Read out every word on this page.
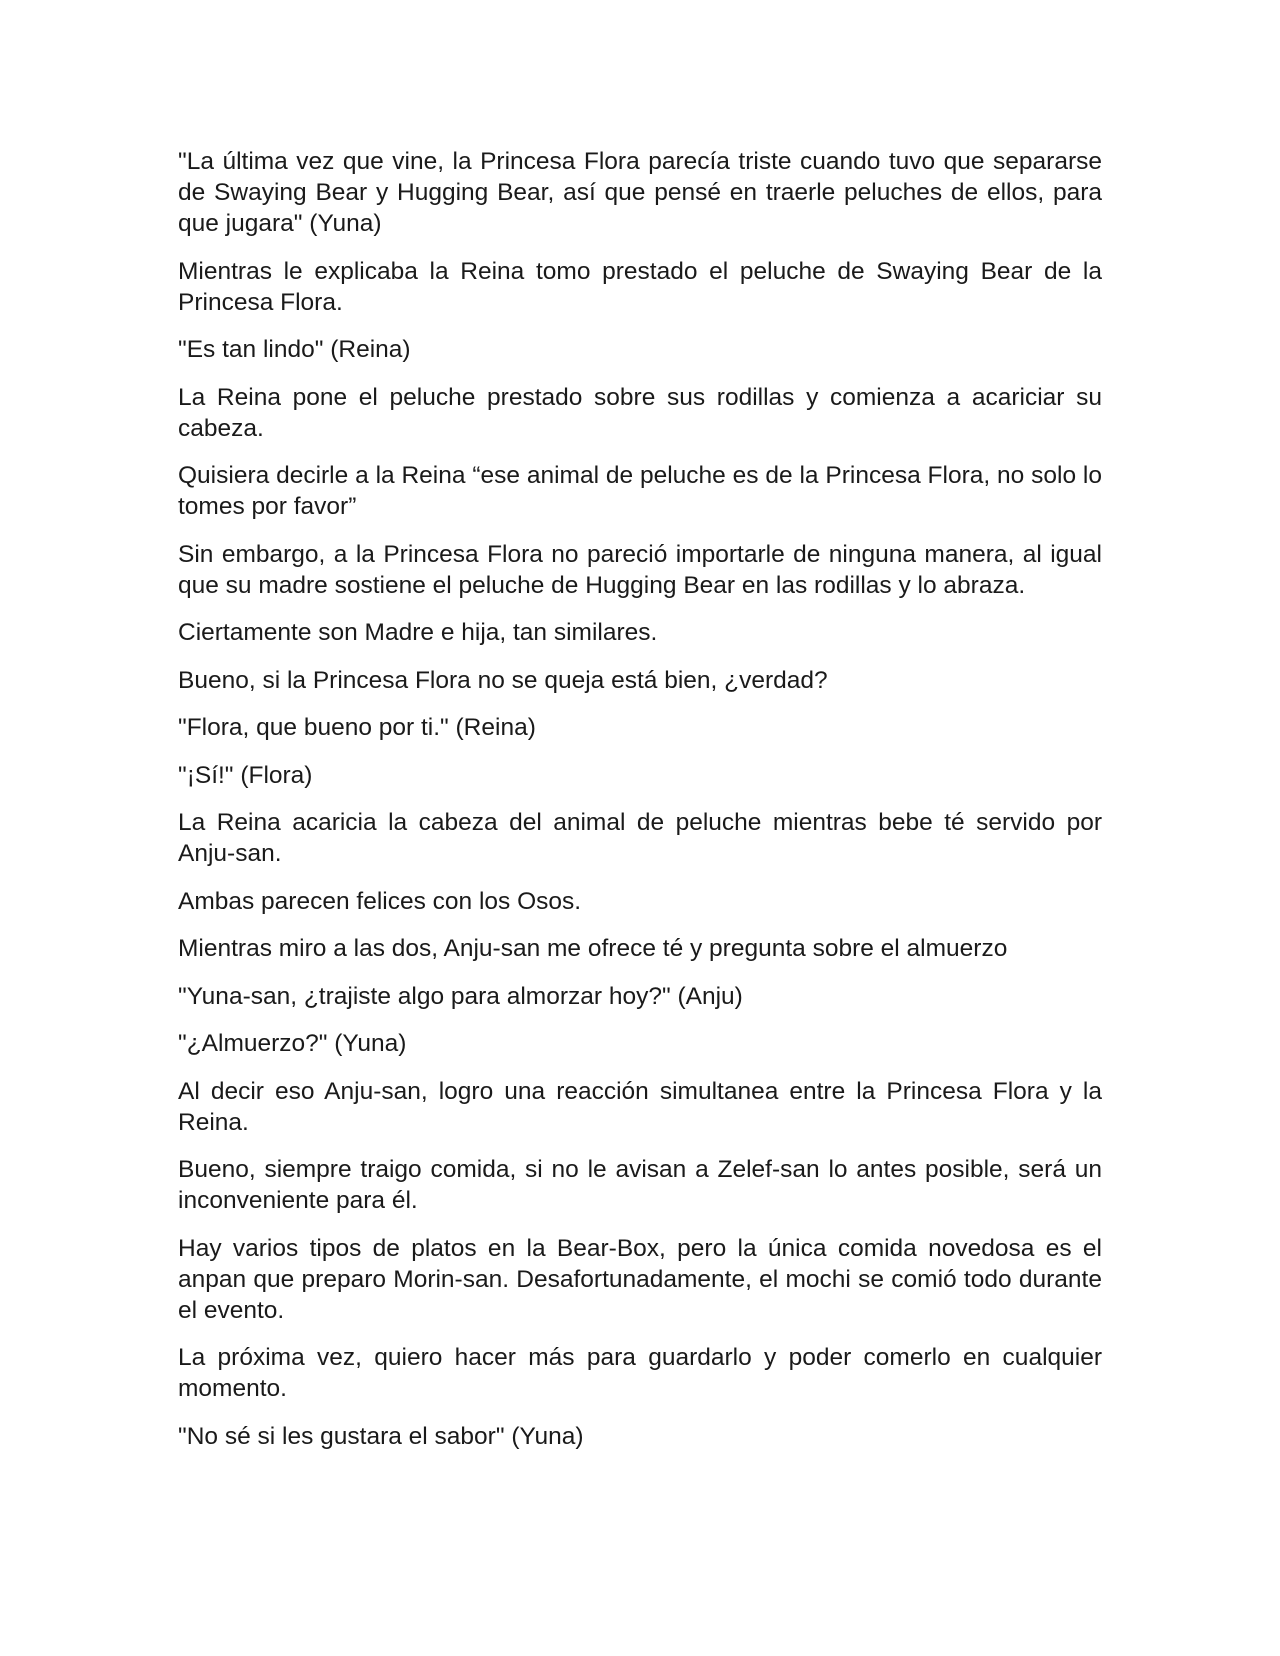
"La última vez que vine, la Princesa Flora parecía triste cuando tuvo que separarse de Swaying Bear y Hugging Bear, así que pensé en traerle peluches de ellos, para que jugara" (Yuna)

Mientras le explicaba la Reina tomo prestado el peluche de Swaying Bear de la Princesa Flora.

"Es tan lindo" (Reina)

La Reina pone el peluche prestado sobre sus rodillas y comienza a acariciar su cabeza.

Quisiera decirle a la Reina “ese animal de peluche es de la Princesa Flora, no solo lo tomes por favor”

Sin embargo, a la Princesa Flora no pareció importarle de ninguna manera, al igual que su madre sostiene el peluche de Hugging Bear en las rodillas y lo abraza.

Ciertamente son Madre e hija, tan similares.

Bueno, si la Princesa Flora no se queja está bien, ¿verdad?

"Flora, que bueno por ti." (Reina)

"¡Sí!" (Flora)

La Reina acaricia la cabeza del animal de peluche mientras bebe té servido por Anju-san.

Ambas parecen felices con los Osos.

Mientras miro a las dos, Anju-san me ofrece té y pregunta sobre el almuerzo

"Yuna-san, ¿trajiste algo para almorzar hoy?" (Anju)

"¿Almuerzo?" (Yuna)

Al decir eso Anju-san, logro una reacción simultanea entre la Princesa Flora y la Reina.

Bueno, siempre traigo comida, si no le avisan a Zelef-san lo antes posible, será un inconveniente para él.

Hay varios tipos de platos en la Bear-Box, pero la única comida novedosa es el anpan que preparo Morin-san. Desafortunadamente, el mochi se comió todo durante el evento.

La próxima vez, quiero hacer más para guardarlo y poder comerlo en cualquier momento.

"No sé si les gustara el sabor" (Yuna)
